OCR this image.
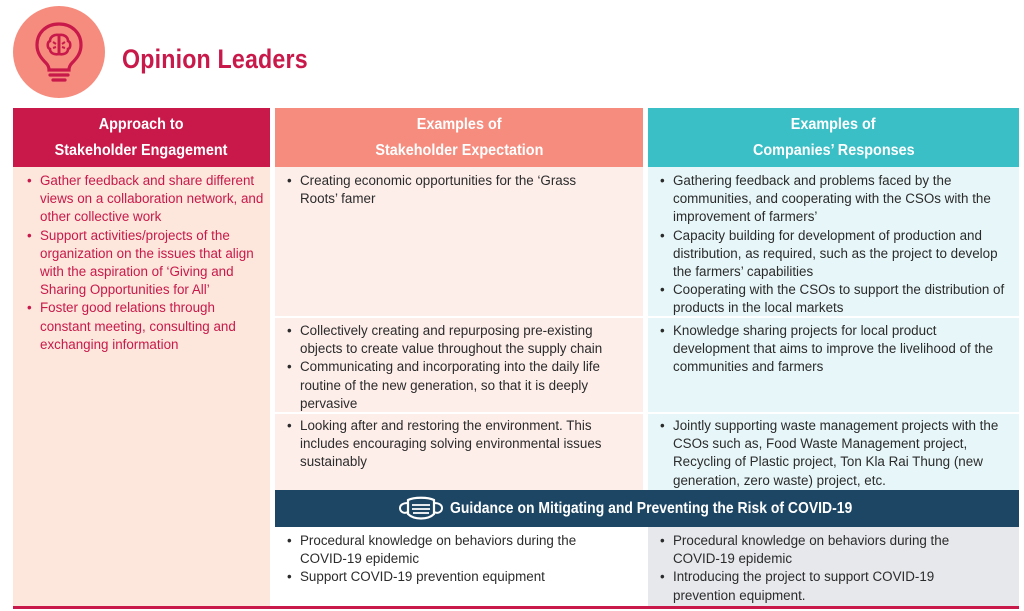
Opinion Leaders
Approach to
Stakeholder Engagement
Examples of
Stakeholder Expectation
Examples of
Companies’ Responses
• Gather feedback and share different views on a collaboration network, and other collective work
• Support activities/projects of the organization on the issues that align with the aspiration of ‘Giving and Sharing Opportunities for All’
• Foster good relations through constant meeting, consulting and exchanging information
• Creating economic opportunities for the ‘Grass Roots’ famer
• Gathering feedback and problems faced by the communities, and cooperating with the CSOs with the improvement of farmers’
• Capacity building for development of production and distribution, as required, such as the project to develop the farmers’ capabilities
• Cooperating with the CSOs to support the distribution of products in the local markets
• Collectively creating and repurposing pre-existing objects to create value throughout the supply chain
• Communicating and incorporating into the daily life routine of the new generation, so that it is deeply pervasive
• Knowledge sharing projects for local product development that aims to improve the livelihood of the communities and farmers
• Looking after and restoring the environment. This includes encouraging solving environmental issues sustainably
• Jointly supporting waste management projects with the CSOs such as, Food Waste Management project, Recycling of Plastic project, Ton Kla Rai Thung (new generation, zero waste) project, etc.
Guidance on Mitigating and Preventing the Risk of COVID-19
• Procedural knowledge on behaviors during the COVID-19 epidemic
• Support COVID-19 prevention equipment
• Procedural knowledge on behaviors during the COVID-19 epidemic
• Introducing the project to support COVID-19 prevention equipment.
